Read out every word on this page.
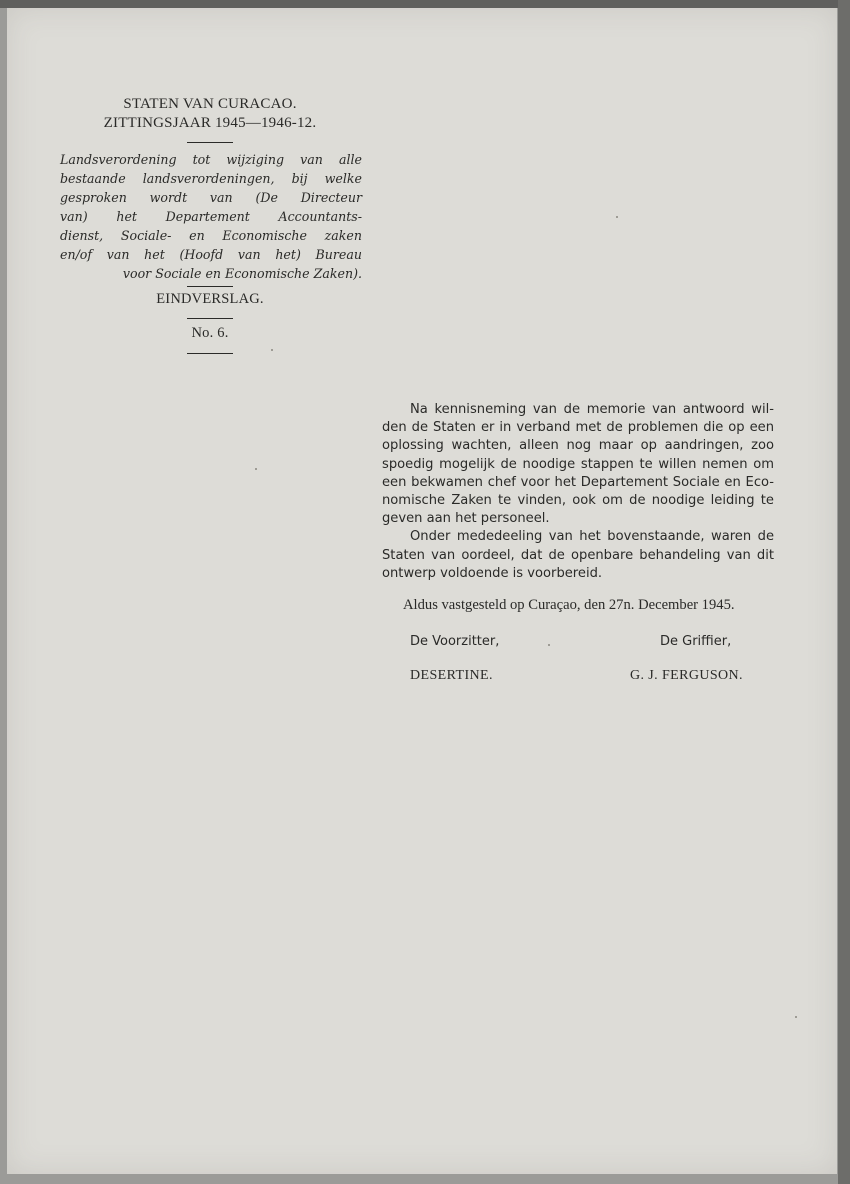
STATEN VAN CURACAO.
ZITTINGSJAAR 1945—1946-12.
Landsverordening tot wijziging van alle
bestaande landsverordeningen, bij welke
gesproken wordt van (De Directeur
van) het Departement Accountants-
dienst, Sociale- en Economische zaken
en/of van het (Hoofd van het) Bureau
voor Sociale en Economische Zaken).
EINDVERSLAG.
No. 6.
Na kennisneming van de memorie van antwoord wil-
den de Staten er in verband met de problemen die op een
oplossing wachten, alleen nog maar op aandringen, zoo
spoedig mogelijk de noodige stappen te willen nemen om
een bekwamen chef voor het Departement Sociale en Eco-
nomische Zaken te vinden, ook om de noodige leiding te
geven aan het personeel.
Onder mededeeling van het bovenstaande, waren de
Staten van oordeel, dat de openbare behandeling van dit
ontwerp voldoende is voorbereid.
Aldus vastgesteld op Curaçao, den 27n. December 1945.
De Voorzitter,	De Griffier,
DESERTINE.	G. J. FERGUSON.
